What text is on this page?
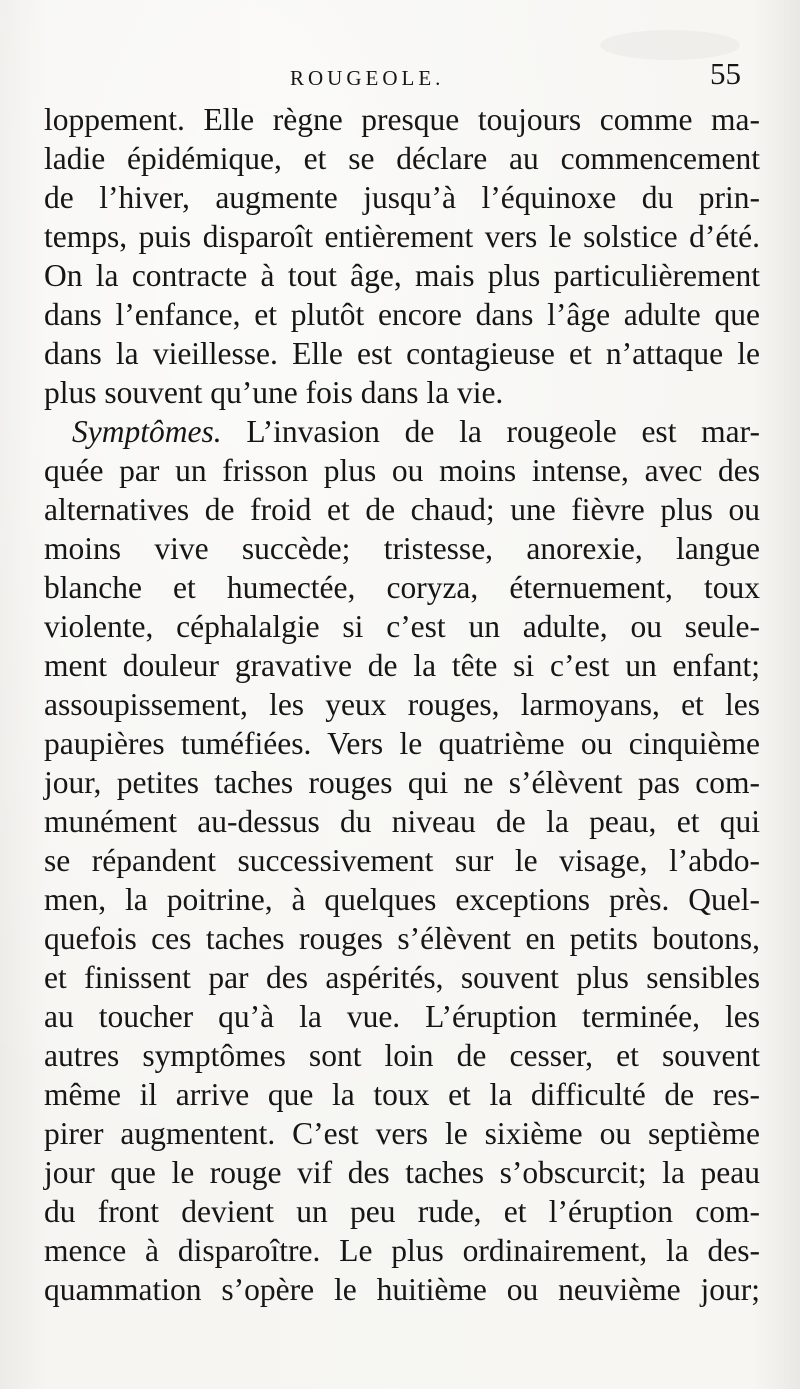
ROUGEOLE.	55
loppement. Elle règne presque toujours comme ma-
ladie épidémique, et se déclare au commencement
de l’hiver, augmente jusqu’à l’équinoxe du prin-
temps, puis disparoît entièrement vers le solstice d’été.
On la contracte à tout âge, mais plus particulièrement
dans l’enfance, et plutôt encore dans l’âge adulte que
dans la vieillesse. Elle est contagieuse et n’attaque le
plus souvent qu’une fois dans la vie.
Symptômes. L’invasion de la rougeole est mar-
quée par un frisson plus ou moins intense, avec des
alternatives de froid et de chaud; une fièvre plus ou
moins vive succède; tristesse, anorexie, langue
blanche et humectée, coryza, éternuement, toux
violente, céphalalgie si c’est un adulte, ou seule-
ment douleur gravative de la tête si c’est un enfant;
assoupissement, les yeux rouges, larmoyans, et les
paupières tuméfiées. Vers le quatrième ou cinquième
jour, petites taches rouges qui ne s’élèvent pas com-
munément au-dessus du niveau de la peau, et qui
se répandent successivement sur le visage, l’abdo-
men, la poitrine, à quelques exceptions près. Quel-
quefois ces taches rouges s’élèvent en petits boutons,
et finissent par des aspérités, souvent plus sensibles
au toucher qu’à la vue. L’éruption terminée, les
autres symptômes sont loin de cesser, et souvent
même il arrive que la toux et la difficulté de res-
pirer augmentent. C’est vers le sixième ou septième
jour que le rouge vif des taches s’obscurcit; la peau
du front devient un peu rude, et l’éruption com-
mence à disparoître. Le plus ordinairement, la des-
quammation s’opère le huitième ou neuvième jour;
